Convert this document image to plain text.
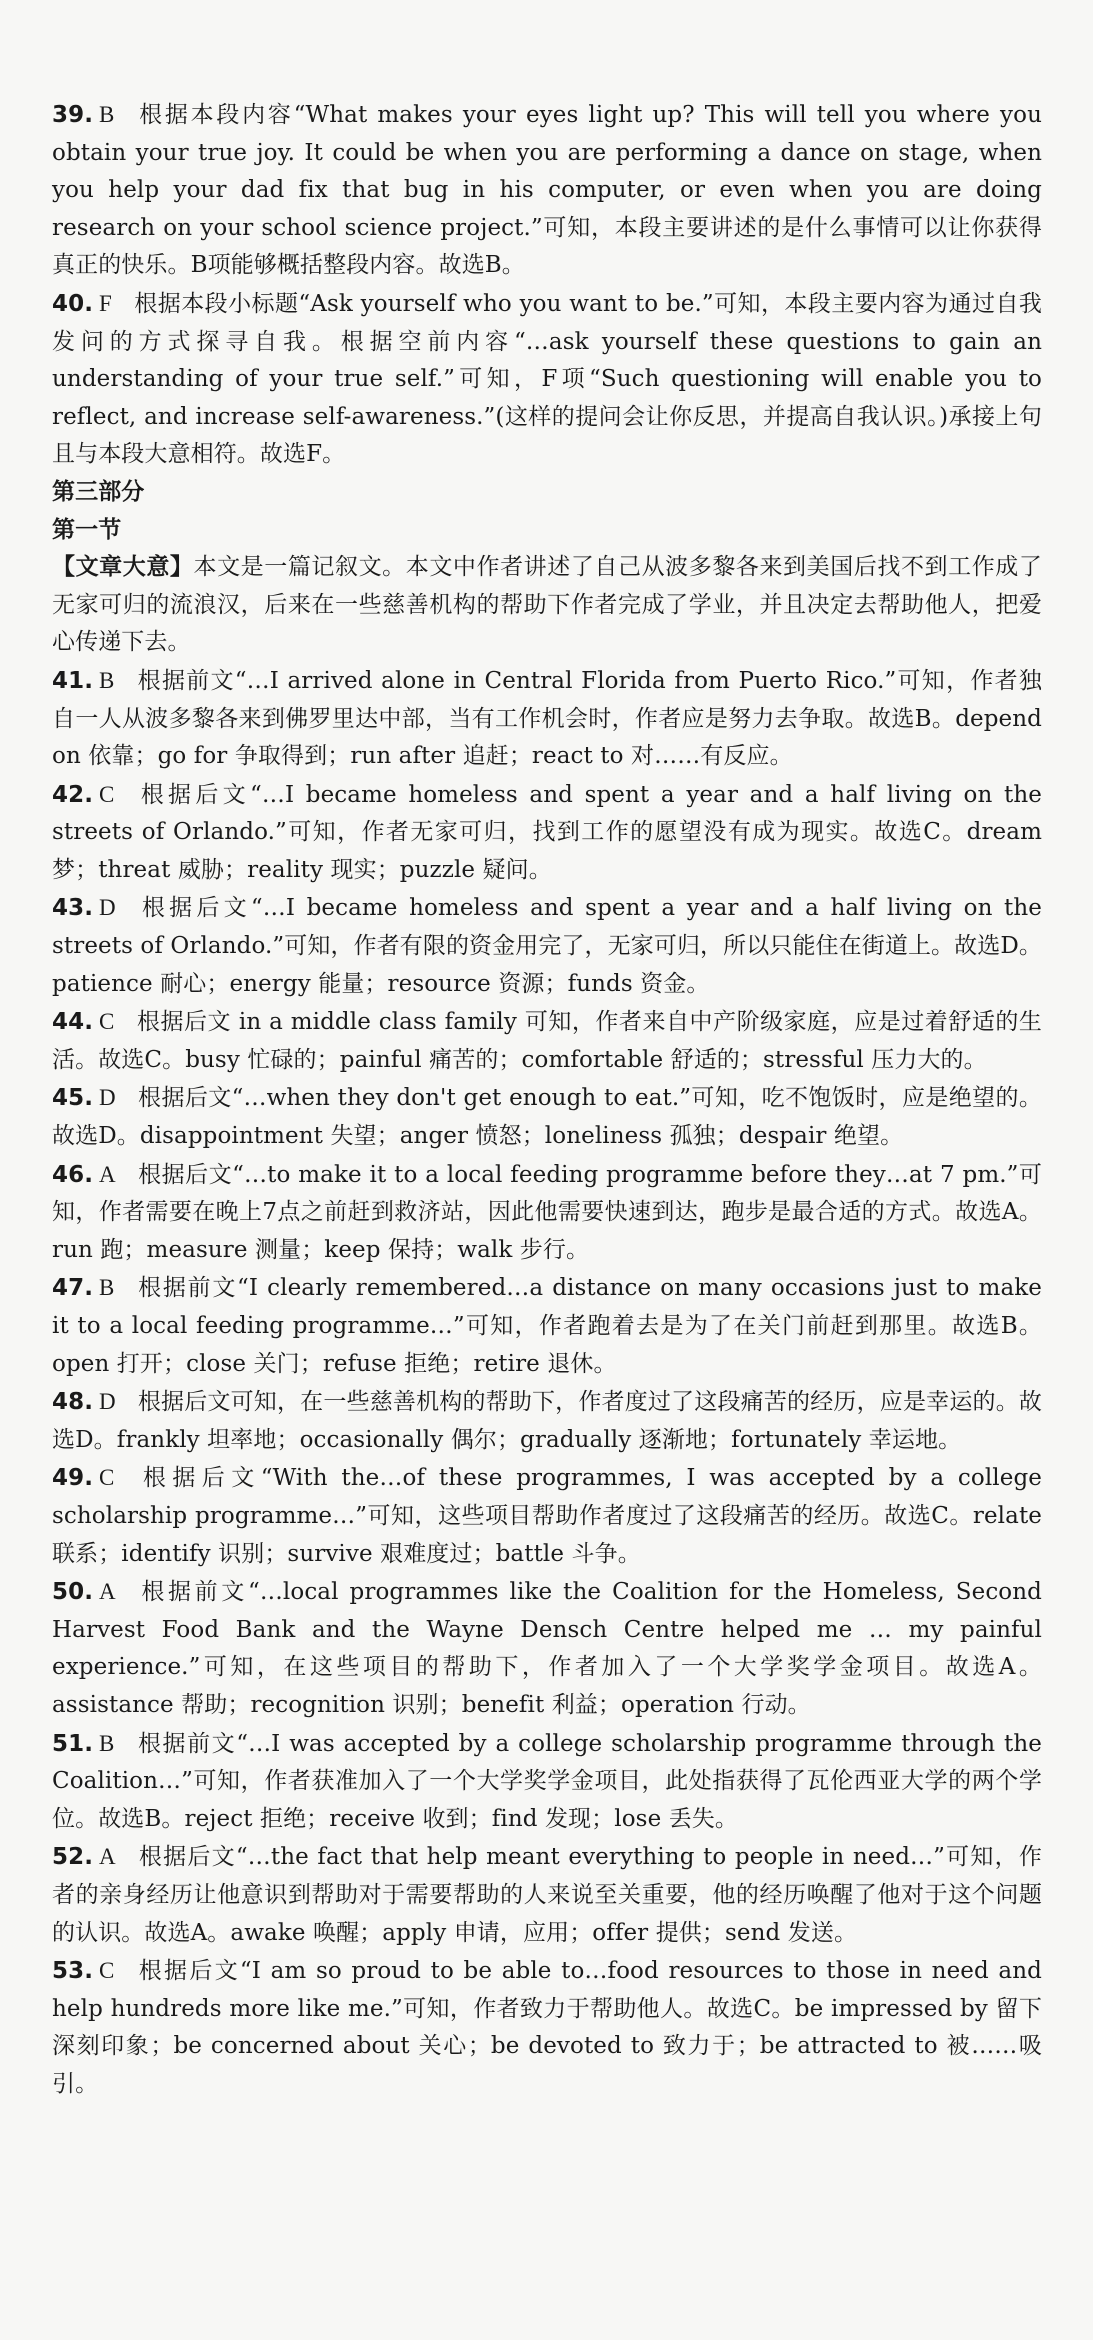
39. B 根据本段内容“What makes your eyes light up? This will tell you where you obtain your true joy. It could be when you are performing a dance on stage, when you help your dad fix that bug in his computer, or even when you are doing research on your school science project.”可知，本段主要讲述的是什么事情可以让你获得真正的快乐。B项能够概括整段内容。故选B。

40. F 根据本段小标题“Ask yourself who you want to be.”可知，本段主要内容为通过自我发问的方式探寻自我。根据空前内容“…ask yourself these questions to gain an understanding of your true self.”可知，F项“Such questioning will enable you to reflect, and increase self-awareness.”(这样的提问会让你反思，并提高自我认识。)承接上句且与本段大意相符。故选F。

第三部分

第一节

【文章大意】本文是一篇记叙文。本文中作者讲述了自己从波多黎各来到美国后找不到工作成了无家可归的流浪汉，后来在一些慈善机构的帮助下作者完成了学业，并且决定去帮助他人，把爱心传递下去。

41. B 根据前文“…I arrived alone in Central Florida from Puerto Rico.”可知，作者独自一人从波多黎各来到佛罗里达中部，当有工作机会时，作者应是努力去争取。故选B。depend on 依靠；go for 争取得到；run after 追赶；react to 对……有反应。

42. C 根据后文“…I became homeless and spent a year and a half living on the streets of Orlando.”可知，作者无家可归，找到工作的愿望没有成为现实。故选C。dream 梦；threat 威胁；reality 现实；puzzle 疑问。

43. D 根据后文“…I became homeless and spent a year and a half living on the streets of Orlando.”可知，作者有限的资金用完了，无家可归，所以只能住在街道上。故选D。patience 耐心；energy 能量；resource 资源；funds 资金。

44. C 根据后文 in a middle class family 可知，作者来自中产阶级家庭，应是过着舒适的生活。故选C。busy 忙碌的；painful 痛苦的；comfortable 舒适的；stressful 压力大的。

45. D 根据后文“…when they don't get enough to eat.”可知，吃不饱饭时，应是绝望的。故选D。disappointment 失望；anger 愤怒；loneliness 孤独；despair 绝望。

46. A 根据后文“…to make it to a local feeding programme before they…at 7 pm.”可知，作者需要在晚上7点之前赶到救济站，因此他需要快速到达，跑步是最合适的方式。故选A。run 跑；measure 测量；keep 保持；walk 步行。

47. B 根据前文“I clearly remembered…a distance on many occasions just to make it to a local feeding programme…”可知，作者跑着去是为了在关门前赶到那里。故选B。open 打开；close 关门；refuse 拒绝；retire 退休。

48. D 根据后文可知，在一些慈善机构的帮助下，作者度过了这段痛苦的经历，应是幸运的。故选D。frankly 坦率地；occasionally 偶尔；gradually 逐渐地；fortunately 幸运地。

49. C 根据后文“With the…of these programmes, I was accepted by a college scholarship programme…”可知，这些项目帮助作者度过了这段痛苦的经历。故选C。relate 联系；identify 识别；survive 艰难度过；battle 斗争。

50. A 根据前文“…local programmes like the Coalition for the Homeless, Second Harvest Food Bank and the Wayne Densch Centre helped me … my painful experience.”可知，在这些项目的帮助下，作者加入了一个大学奖学金项目。故选A。assistance 帮助；recognition 识别；benefit 利益；operation 行动。

51. B 根据前文“…I was accepted by a college scholarship programme through the Coalition…”可知，作者获准加入了一个大学奖学金项目，此处指获得了瓦伦西亚大学的两个学位。故选B。reject 拒绝；receive 收到；find 发现；lose 丢失。

52. A 根据后文“…the fact that help meant everything to people in need…”可知，作者的亲身经历让他意识到帮助对于需要帮助的人来说至关重要，他的经历唤醒了他对于这个问题的认识。故选A。awake 唤醒；apply 申请，应用；offer 提供；send 发送。

53. C 根据后文“I am so proud to be able to…food resources to those in need and help hundreds more like me.”可知，作者致力于帮助他人。故选C。be impressed by 留下深刻印象；be concerned about 关心；be devoted to 致力于；be attracted to 被……吸引。
